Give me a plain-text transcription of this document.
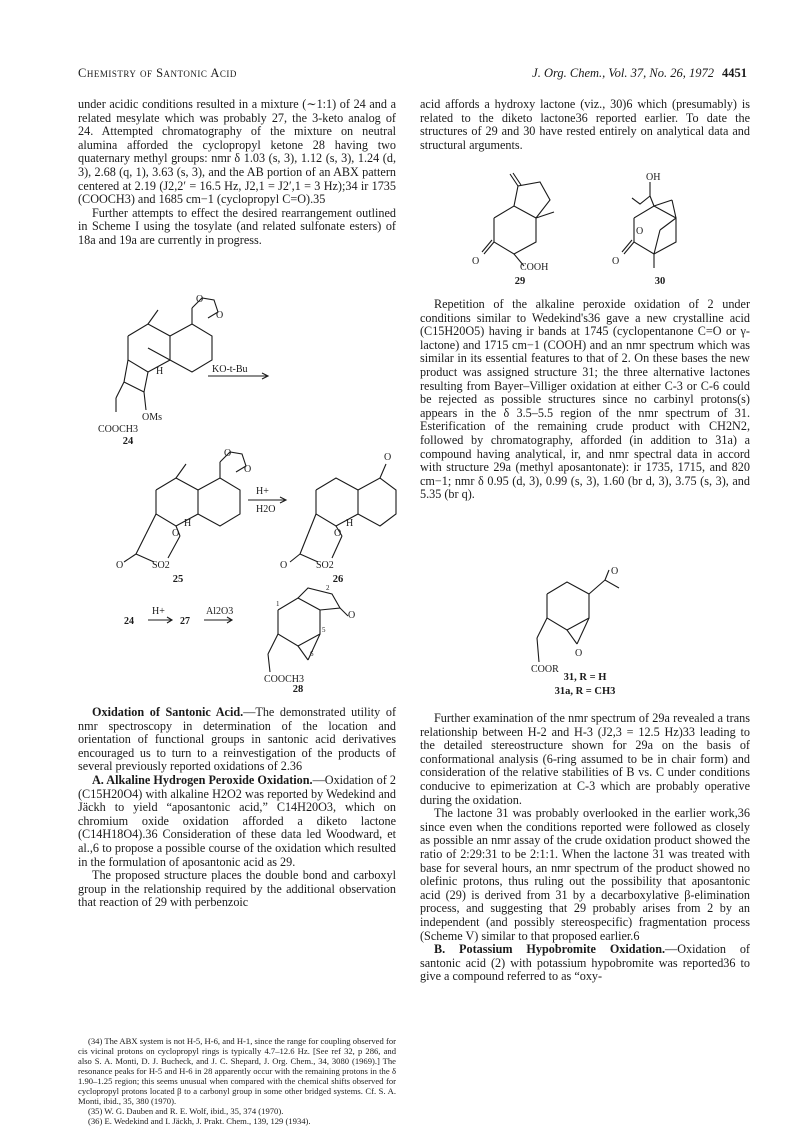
Chemistry of Santonic Acid	J. Org. Chem., Vol. 37, No. 26, 1972 4451

under acidic conditions resulted in a mixture (∼1:1) of 24 and a related mesylate which was probably 27, the 3-keto analog of 24. Attempted chromatography of the mixture on neutral alumina afforded the cyclopropyl ketone 28 having two quaternary methyl groups: nmr δ 1.03 (s, 3), 1.12 (s, 3), 1.24 (d, 3), 2.68 (q, 1), 3.63 (s, 3), and the AB portion of an ABX pattern centered at 2.19 (J2,2′ = 16.5 Hz, J2,1 = J2′,1 = 3 Hz);34 ir 1735 (COOCH3) and 1685 cm−1 (cyclopropyl C=O).35

Further attempts to effect the desired rearrangement outlined in Scheme I using the tosylate (and related sulfonate esters) of 18a and 19a are currently in progress.

O
O
H
OMs
COOCH3
KO-t-Bu
24
O
O
H
O
SO2
O
H+
H2O
25
O
H
O
SO2
O
26
24
H+
27
Al2O3	O
1
2
5
6
COOCH3
28

Oxidation of Santonic Acid.—The demonstrated utility of nmr spectroscopy in determination of the location and orientation of functional groups in santonic acid derivatives encouraged us to turn to a reinvestigation of the products of several previously reported oxidations of 2.36

A. Alkaline Hydrogen Peroxide Oxidation.—Oxidation of 2 (C15H20O4) with alkaline H2O2 was reported by Wedekind and Jäckh to yield “aposantonic acid,” C14H20O3, which on chromium oxide oxidation afforded a diketo lactone (C14H18O4).36 Consideration of these data led Woodward, et al.,6 to propose a possible course of the oxidation which resulted in the formulation of aposantonic acid as 29.

The proposed structure places the double bond and carboxyl group in the relationship required by the additional observation that reaction of 29 with perbenzoic

(34) The ABX system is not H-5, H-6, and H-1, since the range for coupling observed for cis vicinal protons on cyclopropyl rings is typically 4.7–12.6 Hz. [See ref 32, p 286, and also S. A. Monti, D. J. Bucheck, and J. C. Shepard, J. Org. Chem., 34, 3080 (1969).] The resonance peaks for H-5 and H-6 in 28 apparently occur with the remaining protons in the δ 1.90–1.25 region; this seems unusual when compared with the chemical shifts observed for cyclopropyl protons located β to a carbonyl group in some other bridged systems. Cf. S. A. Monti, ibid., 35, 380 (1970).

(35) W. G. Dauben and R. E. Wolf, ibid., 35, 374 (1970).

(36) E. Wedekind and I. Jäckh, J. Prakt. Chem., 139, 129 (1934).

acid affords a hydroxy lactone (viz., 30)6 which (presumably) is related to the diketo lactone36 reported earlier. To date the structures of 29 and 30 have rested entirely on analytical data and structural arguments.

O
COOH
29
OH
O
O
30

Repetition of the alkaline peroxide oxidation of 2 under conditions similar to Wedekind's36 gave a new crystalline acid (C15H20O5) having ir bands at 1745 (cyclopentanone C=O or γ-lactone) and 1715 cm−1 (COOH) and an nmr spectrum which was similar in its essential features to that of 2. On these bases the new product was assigned structure 31; the three alternative lactones resulting from Bayer–Villiger oxidation at either C-3 or C-6 could be rejected as possible structures since no carbinyl protons(s) appears in the δ 3.5–5.5 region of the nmr spectrum of 31. Esterification of the remaining crude product with CH2N2, followed by chromatography, afforded (in addition to 31a) a compound having analytical, ir, and nmr spectral data in accord with structure 29a (methyl aposantonate): ir 1735, 1715, and 820 cm−1; nmr δ 0.95 (d, 3), 0.99 (s, 3), 1.60 (br d, 3), 3.75 (s, 3), and 5.35 (br q).

O
O
COOR
31, R = H
31a, R = CH3

Further examination of the nmr spectrum of 29a revealed a trans relationship between H-2 and H-3 (J2,3 = 12.5 Hz)33 leading to the detailed stereostructure shown for 29a on the basis of conformational analysis (6-ring assumed to be in chair form) and consideration of the relative stabilities of B vs. C under conditions conducive to epimerization at C-3 which are probably operative during the oxidation.

The lactone 31 was probably overlooked in the earlier work,36 since even when the conditions reported were followed as closely as possible an nmr assay of the crude oxidation product showed the ratio of 2:29:31 to be 2:1:1. When the lactone 31 was treated with base for several hours, an nmr spectrum of the product showed no olefinic protons, thus ruling out the possibility that aposantonic acid (29) is derived from 31 by a decarboxylative β-elimination process, and suggesting that 29 probably arises from 2 by an independent (and possibly stereospecific) fragmentation process (Scheme V) similar to that proposed earlier.6

B. Potassium Hypobromite Oxidation.—Oxidation of santonic acid (2) with potassium hypobromite was reported36 to give a compound referred to as “oxy-
